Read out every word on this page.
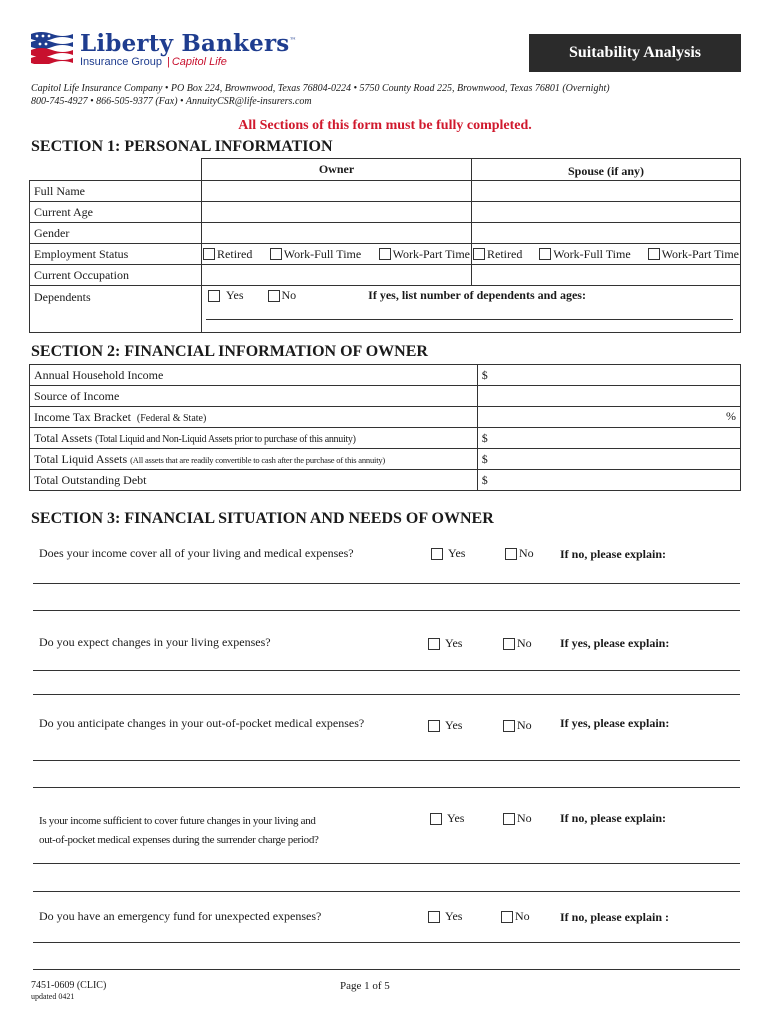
Liberty Bankers™
Insurance Group | Capitol Life
Suitability Analysis
Capitol Life Insurance Company • PO Box 224, Brownwood, Texas 76804-0224 • 5750 County Road 225, Brownwood, Texas 76801 (Overnight)
800-745-4927 • 866-505-9377 (Fax) • AnnuityCSR@life-insurers.com
All Sections of this form must be fully completed.
SECTION 1: PERSONAL INFORMATION
	Owner	Spouse (if any)
Full Name		
Current Age		
Gender		
Employment Status	Retired Work-Full Time Work-Part Time	Retired Work-Full Time Work-Part Time

Current Occupation		
Dependents	Yes No If yes, list number of dependents and ages:	
SECTION 2: FINANCIAL INFORMATION OF OWNER
Annual Household Income	$
Source of Income	
Income Tax Bracket (Federal & State)	%
Total Assets (Total Liquid and Non-Liquid Assets prior to purchase of this annuity)	$
Total Liquid Assets (All assets that are readily convertible to cash after the purchase of this annuity)	$
Total Outstanding Debt	$
SECTION 3: FINANCIAL SITUATION AND NEEDS OF OWNER
Does your income cover all of your living and medical expenses?	Yes	No If no, please explain:
Do you expect changes in your living expenses?	Yes	No If yes, please explain:
Do you anticipate changes in your out-of-pocket medical expenses?	Yes	No If yes, please explain:
Is your income sufficient to cover future changes in your living and
out-of-pocket medical expenses during the surrender charge period?
Yes	No If no, please explain:
Do you have an emergency fund for unexpected expenses?	Yes	No	If no, please explain :
7451-0609 (CLIC)
updated 0421
Page 1 of 5
